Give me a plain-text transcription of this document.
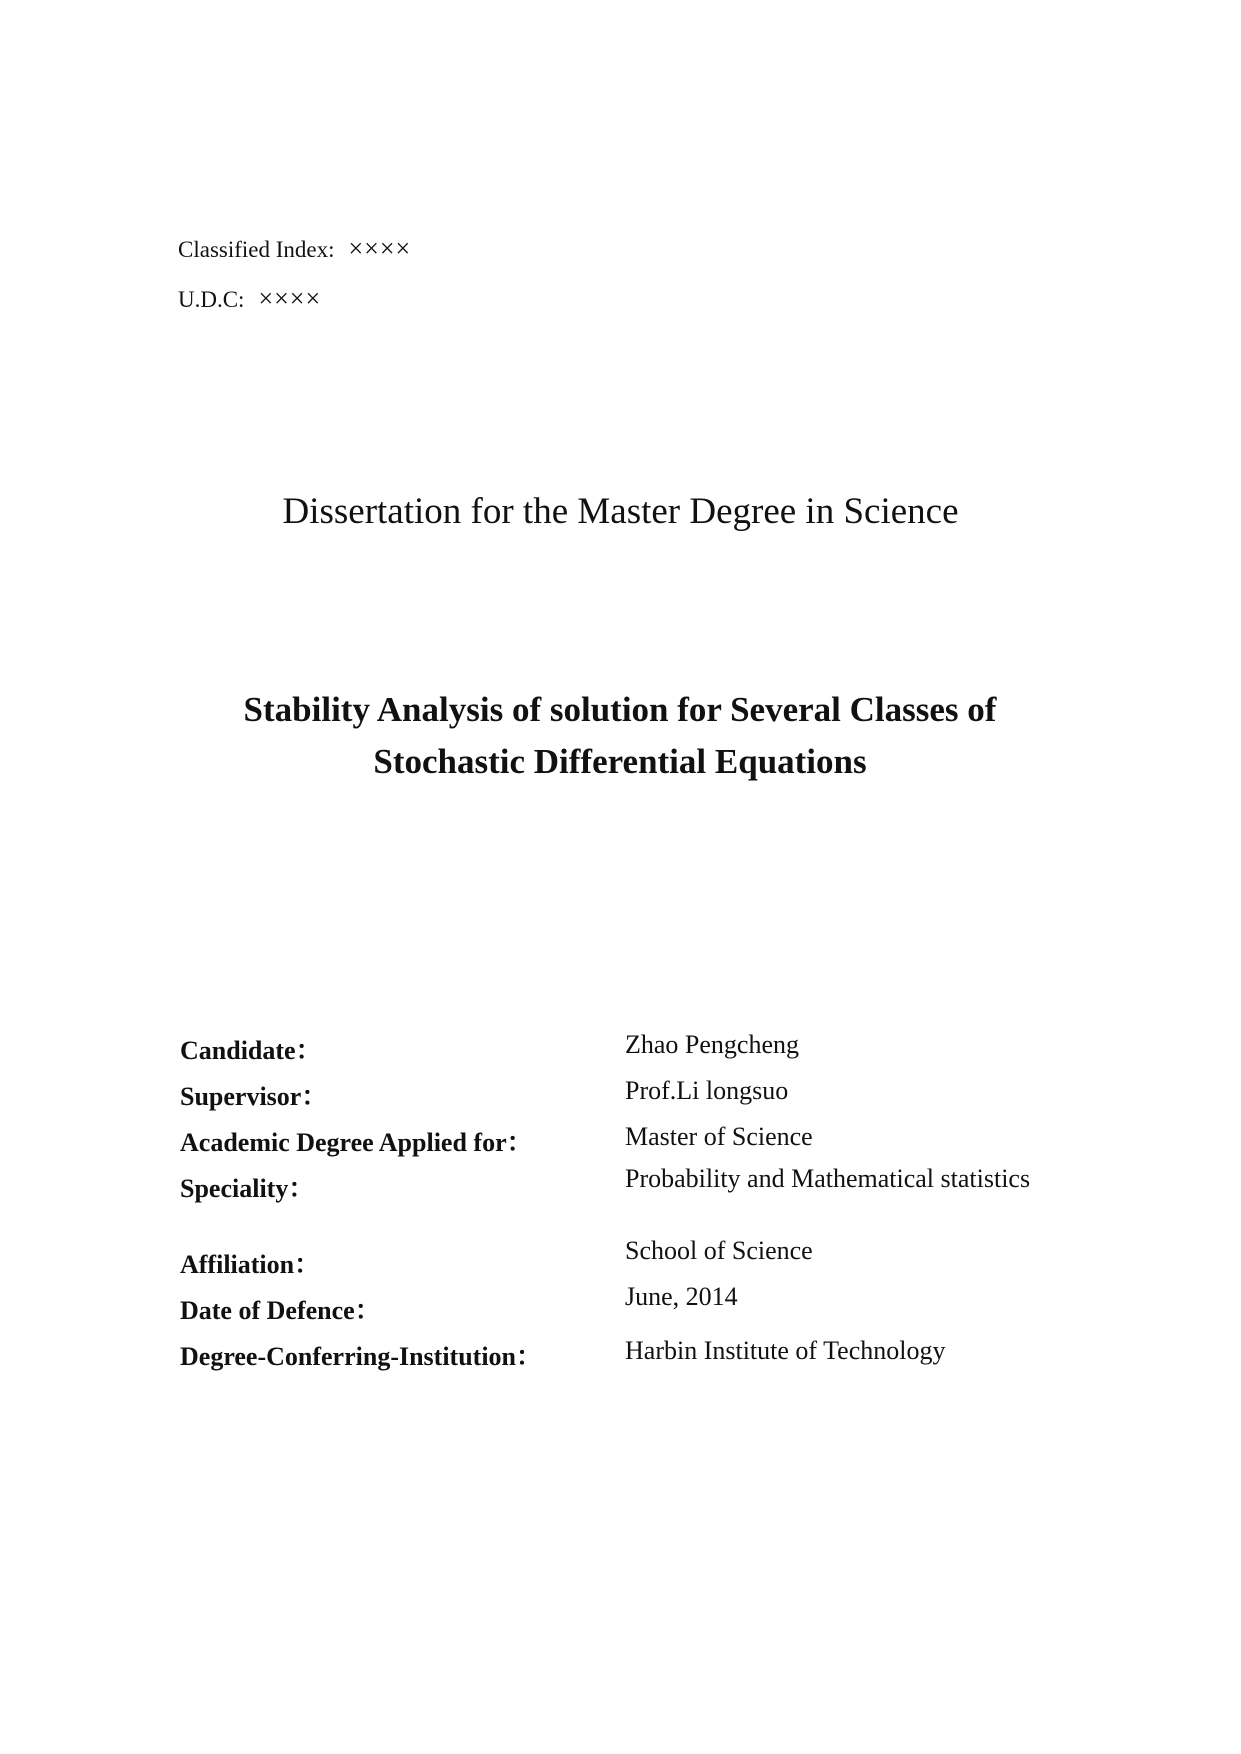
Classified Index: ××××
U.D.C: ××××
Dissertation for the Master Degree in Science
Stability Analysis of solution for Several Classes of
Stochastic Differential Equations
Candidate：	Zhao Pengcheng
Supervisor：	Prof.Li longsuo
Academic Degree Applied for：	Master of Science
Speciality：	Probability and Mathematical statistics
Affiliation：	School of Science
Date of Defence：	June, 2014
Degree-Conferring-Institution：	Harbin Institute of Technology
